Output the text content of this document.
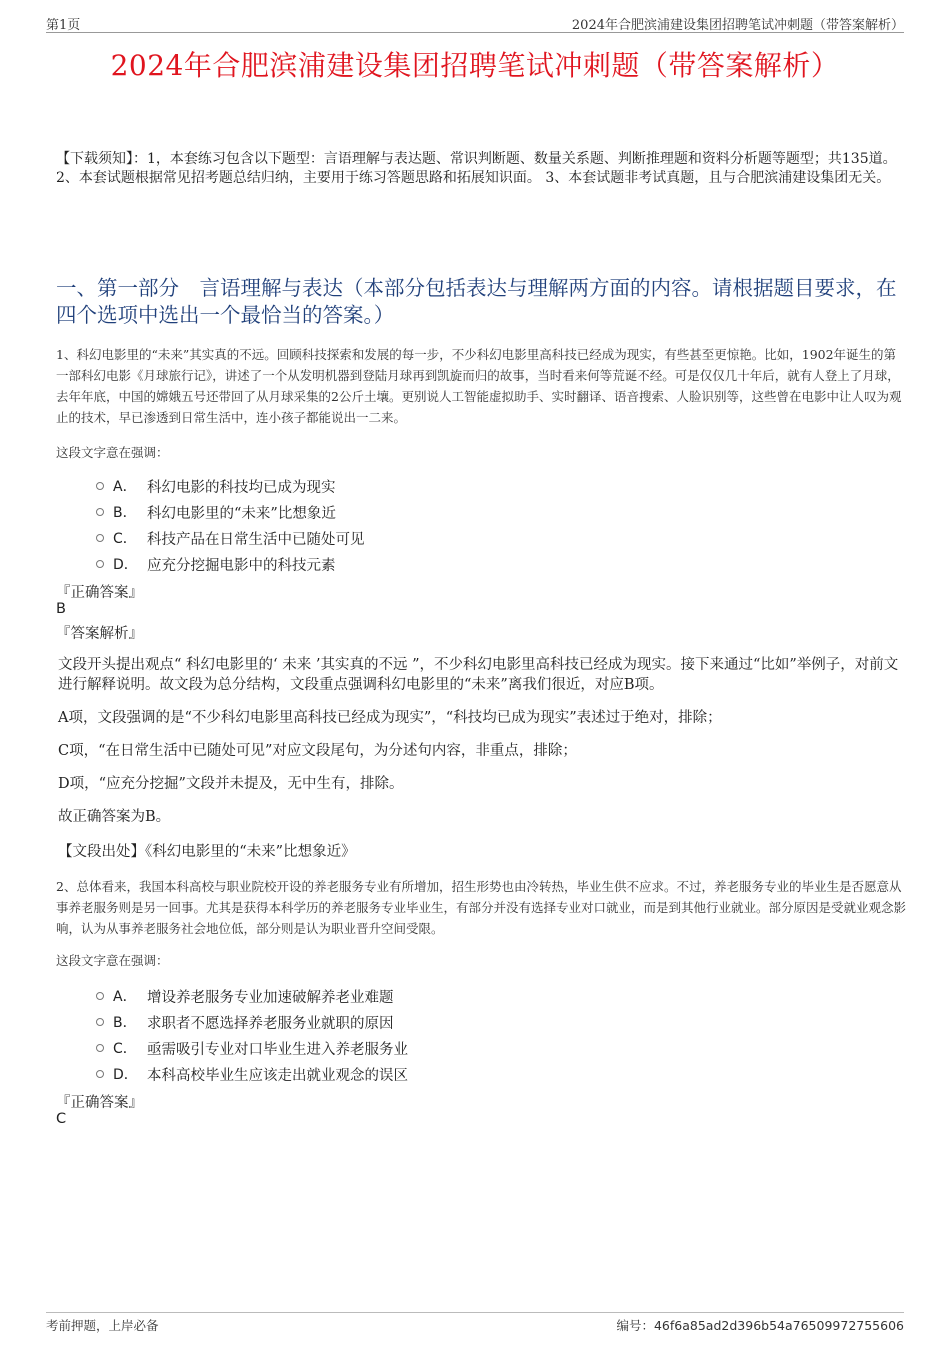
第1页	2024年合肥滨浦建设集团招聘笔试冲刺题（带答案解析）
2024年合肥滨浦建设集团招聘笔试冲刺题（带答案解析）
【下载须知】：1，本套练习包含以下题型：言语理解与表达题、常识判断题、数量关系题、判断推理题和资料分析题等题型；共135道。 2、本套试题根据常见招考题总结归纳，主要用于练习答题思路和拓展知识面。 3、本套试题非考试真题，且与合肥滨浦建设集团无关。
一、第一部分　言语理解与表达（本部分包括表达与理解两方面的内容。请根据题目要求，在四个选项中选出一个最恰当的答案。）
1、科幻电影里的“未来”其实真的不远。回顾科技探索和发展的每一步，不少科幻电影里高科技已经成为现实，有些甚至更惊艳。比如，1902年诞生的第一部科幻电影《月球旅行记》，讲述了一个从发明机器到登陆月球再到凯旋而归的故事，当时看来何等荒诞不经。可是仅仅几十年后，就有人登上了月球，去年年底，中国的嫦娥五号还带回了从月球采集的2公斤土壤。更别说人工智能虚拟助手、实时翻译、语音搜索、人脸识别等，这些曾在电影中让人叹为观止的技术，早已渗透到日常生活中，连小孩子都能说出一二来。
这段文字意在强调：
A． 科幻电影的科技均已成为现实
B． 科幻电影里的“未来”比想象近
C． 科技产品在日常生活中已随处可见
D． 应充分挖掘电影中的科技元素
『正确答案』
B
『答案解析』
文段开头提出观点“ 科幻电影里的‘ 未来 ’其实真的不远 ”，不少科幻电影里高科技已经成为现实。接下来通过“比如”举例子，对前文进行解释说明。故文段为总分结构，文段重点强调科幻电影里的“未来”离我们很近，对应B项。
A项，文段强调的是“不少科幻电影里高科技已经成为现实”，“科技均已成为现实”表述过于绝对，排除；
C项，“在日常生活中已随处可见”对应文段尾句，为分述句内容，非重点，排除；
D项，“应充分挖掘”文段并未提及，无中生有，排除。
故正确答案为B。
【文段出处】《科幻电影里的“未来”比想象近》
2、总体看来，我国本科高校与职业院校开设的养老服务专业有所增加，招生形势也由冷转热，毕业生供不应求。不过，养老服务专业的毕业生是否愿意从事养老服务则是另一回事。尤其是获得本科学历的养老服务专业毕业生，有部分并没有选择专业对口就业，而是到其他行业就业。部分原因是受就业观念影响，认为从事养老服务社会地位低，部分则是认为职业晋升空间受限。
这段文字意在强调：
A． 增设养老服务专业加速破解养老业难题
B． 求职者不愿选择养老服务业就职的原因
C． 亟需吸引专业对口毕业生进入养老服务业
D． 本科高校毕业生应该走出就业观念的误区
『正确答案』
C
考前押题，上岸必备	编号：46f6a85ad2d396b54a76509972755606
